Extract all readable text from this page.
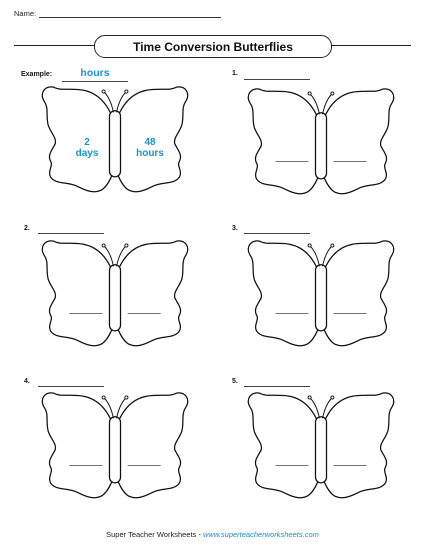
Name:
Time Conversion Butterflies
Example:	hours
2
days
48
hours
1.
2.	3.
4.	5.
Super Teacher Worksheets - www.superteacherworksheets.com
